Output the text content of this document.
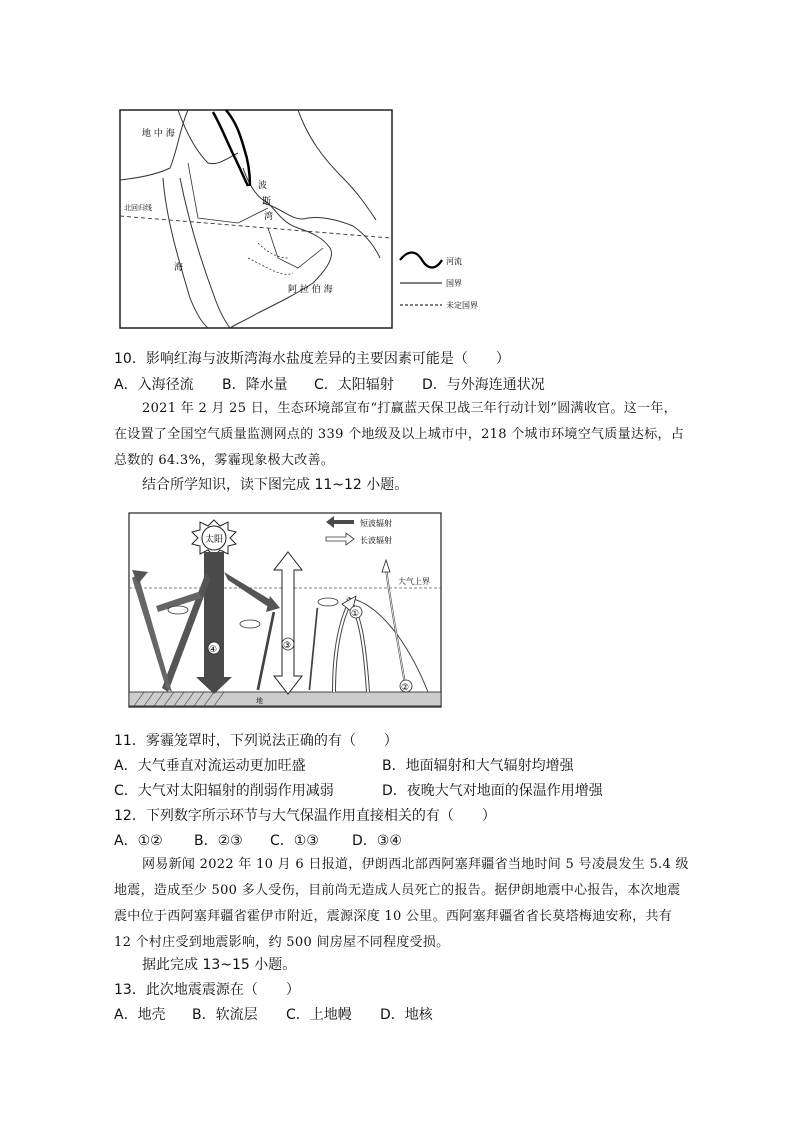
地 中 海
北回归线
海
波
斯
湾
阿 拉 伯 海
河流
国界
未定国界
10．影响红海与波斯湾海水盐度差异的主要因素可能是（　　）
A．入海径流 B．降水量 C．太阳辐射 D．与外海连通状况
2021 年 2 月 25 日，生态环境部宣布“打赢蓝天保卫战三年行动计划”圆满收官。这一年，在设置了全国空气质量监测网点的 339 个地级及以上城市中，218 个城市环境空气质量达标，占总数的 64.3%，雾霾现象极大改善。
结合所学知识，读下图完成 11~12 小题。
地
太阳
④	③
①
②
大气上界
短波辐射
长波辐射
11．雾霾笼罩时，下列说法正确的有（　　）
A．大气垂直对流运动更加旺盛	B．地面辐射和大气辐射均增强
C．大气对太阳辐射的削弱作用减弱	D．夜晚大气对地面的保温作用增强
12．下列数字所示环节与大气保温作用直接相关的有（　　）
A．①② B．②③ C．①③ D．③④
网易新闻 2022 年 10 月 6 日报道，伊朗西北部西阿塞拜疆省当地时间 5 号凌晨发生 5.4 级地震，造成至少 500 多人受伤，目前尚无造成人员死亡的报告。据伊朗地震中心报告，本次地震震中位于西阿塞拜疆省霍伊市附近，震源深度 10 公里。西阿塞拜疆省省长莫塔梅迪安称，共有 12 个村庄受到地震影响，约 500 间房屋不同程度受损。
据此完成 13~15 小题。
13．此次地震震源在（　　）
A．地壳 B．软流层 C．上地幔 D．地核
